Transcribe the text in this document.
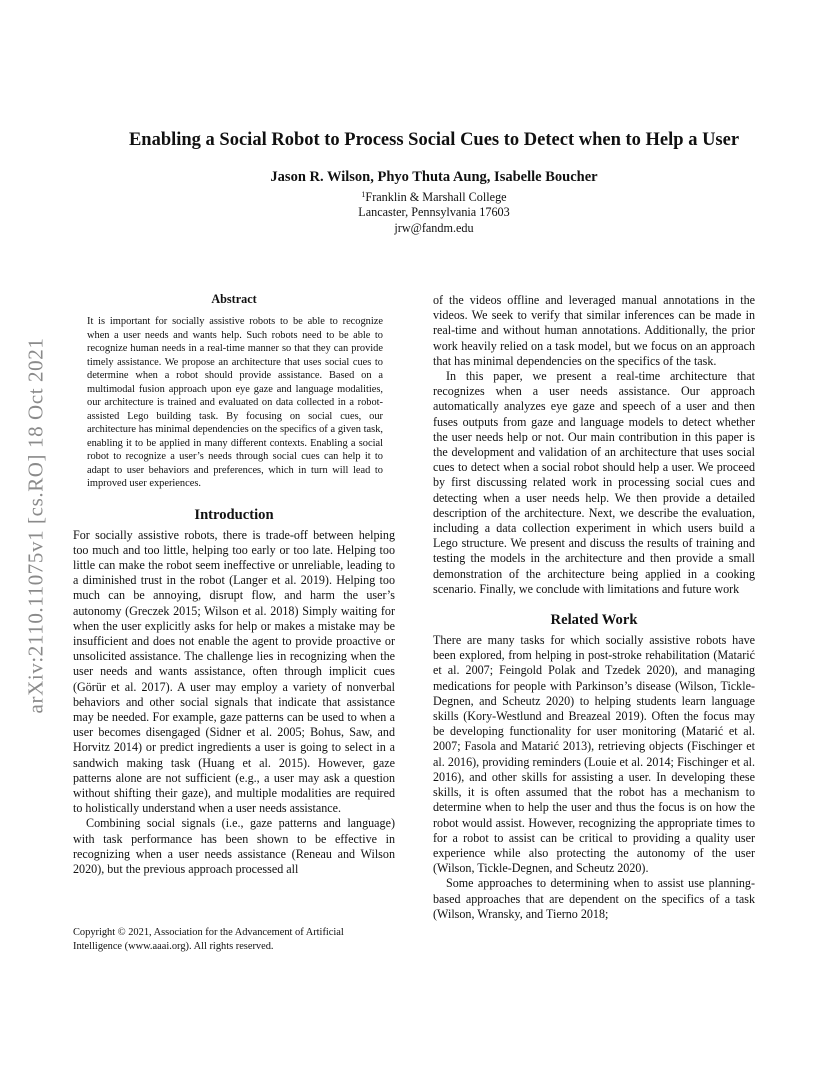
arXiv:2110.11075v1 [cs.RO] 18 Oct 2021
Enabling a Social Robot to Process Social Cues to Detect when to Help a User
Jason R. Wilson, Phyo Thuta Aung, Isabelle Boucher
$^1$Franklin & Marshall College
Lancaster, Pennsylvania 17603
jrw@fandm.edu
Abstract

It is important for socially assistive robots to be able to recognize when a user needs and wants help. Such robots need to be able to recognize human needs in a real-time manner so that they can provide timely assistance. We propose an architecture that uses social cues to determine when a robot should provide assistance. Based on a multimodal fusion approach upon eye gaze and language modalities, our architecture is trained and evaluated on data collected in a robot-assisted Lego building task. By focusing on social cues, our architecture has minimal dependencies on the specifics of a given task, enabling it to be applied in many different contexts. Enabling a social robot to recognize a user’s needs through social cues can help it to adapt to user behaviors and preferences, which in turn will lead to improved user experiences.

Introduction

For socially assistive robots, there is trade-off between helping too much and too little, helping too early or too late. Helping too little can make the robot seem ineffective or unreliable, leading to a diminished trust in the robot (Langer et al. 2019). Helping too much can be annoying, disrupt flow, and harm the user’s autonomy (Greczek 2015; Wilson et al. 2018) Simply waiting for when the user explicitly asks for help or makes a mistake may be insufficient and does not enable the agent to provide proactive or unsolicited assistance. The challenge lies in recognizing when the user needs and wants assistance, often through implicit cues (Görür et al. 2017). A user may employ a variety of nonverbal behaviors and other social signals that indicate that assistance may be needed. For example, gaze patterns can be used to when a user becomes disengaged (Sidner et al. 2005; Bohus, Saw, and Horvitz 2014) or predict ingredients a user is going to select in a sandwich making task (Huang et al. 2015). However, gaze patterns alone are not sufficient (e.g., a user may ask a question without shifting their gaze), and multiple modalities are required to holistically understand when a user needs assistance.

Combining social signals (i.e., gaze patterns and language) with task performance has been shown to be effective in recognizing when a user needs assistance (Reneau and Wilson 2020), but the previous approach processed all

Copyright © 2021, Association for the Advancement of Artificial Intelligence (www.aaai.org). All rights reserved.

of the videos offline and leveraged manual annotations in the videos. We seek to verify that similar inferences can be made in real-time and without human annotations. Additionally, the prior work heavily relied on a task model, but we focus on an approach that has minimal dependencies on the specifics of the task.

In this paper, we present a real-time architecture that recognizes when a user needs assistance. Our approach automatically analyzes eye gaze and speech of a user and then fuses outputs from gaze and language models to detect whether the user needs help or not. Our main contribution in this paper is the development and validation of an architecture that uses social cues to detect when a social robot should help a user. We proceed by first discussing related work in processing social cues and detecting when a user needs help. We then provide a detailed description of the architecture. Next, we describe the evaluation, including a data collection experiment in which users build a Lego structure. We present and discuss the results of training and testing the models in the architecture and then provide a small demonstration of the architecture being applied in a cooking scenario. Finally, we conclude with limitations and future work

Related Work

There are many tasks for which socially assistive robots have been explored, from helping in post-stroke rehabilitation (Matarić et al. 2007; Feingold Polak and Tzedek 2020), and managing medications for people with Parkinson’s disease (Wilson, Tickle-Degnen, and Scheutz 2020) to helping students learn language skills (Kory-Westlund and Breazeal 2019). Often the focus may be developing functionality for user monitoring (Matarić et al. 2007; Fasola and Matarić 2013), retrieving objects (Fischinger et al. 2016), providing reminders (Louie et al. 2014; Fischinger et al. 2016), and other skills for assisting a user. In developing these skills, it is often assumed that the robot has a mechanism to determine when to help the user and thus the focus is on how the robot would assist. However, recognizing the appropriate times to for a robot to assist can be critical to providing a quality user experience while also protecting the autonomy of the user (Wilson, Tickle-Degnen, and Scheutz 2020).

Some approaches to determining when to assist use planning-based approaches that are dependent on the specifics of a task (Wilson, Wransky, and Tierno 2018;
